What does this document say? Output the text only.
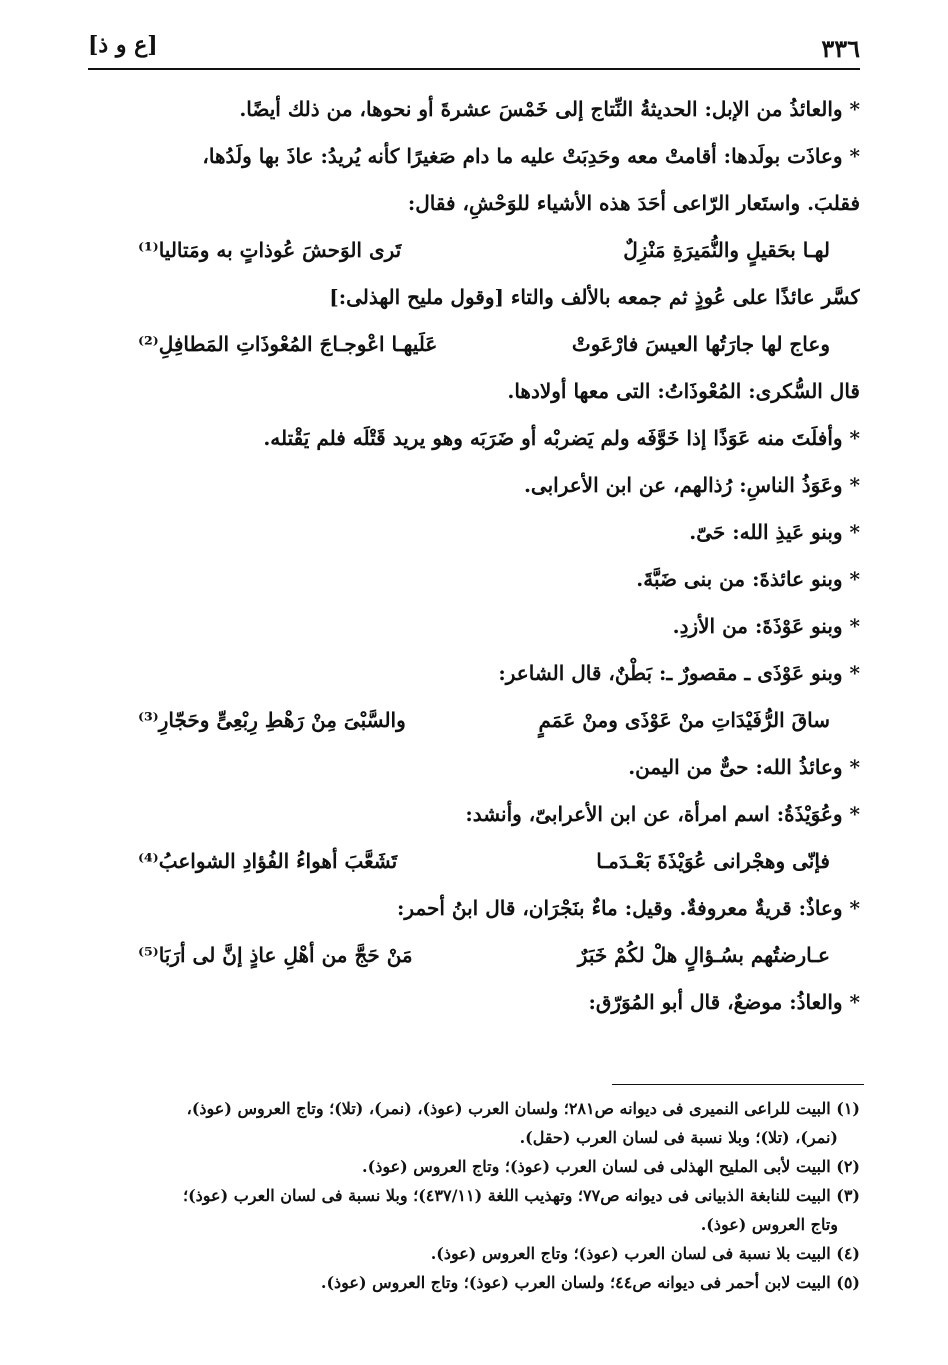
[ع و ذ]	٣٣٦
* والعائذُ من الإبل: الحديثةُ النِّتاج إلى خَمْسَ عشرةَ أو نحوها، من ذلك أيضًا.
* وعاذَت بولَدها: أقامتْ معه وحَدِبَتْ عليه ما دام صَغيرًا كأنه يُريدُ: عاذَ بها ولَدُها،
فقلبَ. واستَعار الرّاعى أحَدَ هذه الأشياء للوَحْشِ، فقال:
لهـا بحَقيلٍ والنُّمَيرَةِ مَنْزِلٌ
تَرى الوَحشَ عُوذاتٍ به ومَتاليا⁽¹⁾
كسَّر عائذًا على عُوذٍ ثم جمعه بالألف والتاء [وقول مليح الهذلى:]
وعاج لها جارَتُها العيسَ فارْعَوتْ
عَلَيهـا اعْوجـاجَ المُعْوذَاتِ المَطافِلِ⁽²⁾
قال السُّكرى: المُعْوذَاتُ: التى معها أولادها.
* وأفلَتَ منه عَوَذًا إذا خَوَّفَه ولم يَضربْه أو ضَرَبَه وهو يريد قَتْلَه فلم يَقْتله.
* وعَوَذُ الناسِ: رُذالهم، عن ابن الأعرابى.
* وبنو عَيذِ الله: حَىّ.
* وبنو عائذةَ: من بنى ضَبَّةَ.
* وبنو عَوْذَةَ: من الأزدِ.
* وبنو عَوْذَى ـ مقصورٌ ـ: بَطْنٌ، قال الشاعر:
ساقَ الرُّفَيْدَاتِ منْ عَوْذَى ومنْ عَمَمٍ
والسَّبْىَ مِنْ رَهْطِ رِبْعِىٍّ وحَجّارِ⁽³⁾
* وعائذُ الله: حىٌّ من اليمن.
* وعُوَيْذَةُ: اسم امرأة، عن ابن الأعرابىّ، وأنشد:
فإنّى وهجْرانى عُوَيْذَةَ بَعْـدَمـا
تَشَعَّبَ أهواءُ الفُؤادِ الشواعبُ⁽⁴⁾
* وعاذٌ: قريةٌ معروفةٌ. وقيل: ماءٌ بنَجْرَان، قال ابنُ أحمر:
عـارضتُهم بسُـؤالٍ هلْ لكُمْ خَبَرٌ
مَنْ حَجَّ من أهْلِ عاذٍ إنَّ لى أرَبَا⁽⁵⁾
* والعاذُ: موضعٌ، قال أبو المُوَرّق:
(١) البيت للراعى النميرى فى ديوانه ص٢٨١؛ ولسان العرب (عوذ)، (نمر)، (تلا)؛ وتاج العروس (عوذ)،
(نمر)، (تلا)؛ وبلا نسبة فى لسان العرب (حقل).
(٢) البيت لأبى المليح الهذلى فى لسان العرب (عوذ)؛ وتاج العروس (عوذ).
(٣) البيت للنابغة الذبيانى فى ديوانه ص٧٧؛ وتهذيب اللغة (٤٣٧/١١)؛ وبلا نسبة فى لسان العرب (عوذ)؛
وتاج العروس (عوذ).
(٤) البيت بلا نسبة فى لسان العرب (عوذ)؛ وتاج العروس (عوذ).
(٥) البيت لابن أحمر فى ديوانه ص٤٤؛ ولسان العرب (عوذ)؛ وتاج العروس (عوذ).
